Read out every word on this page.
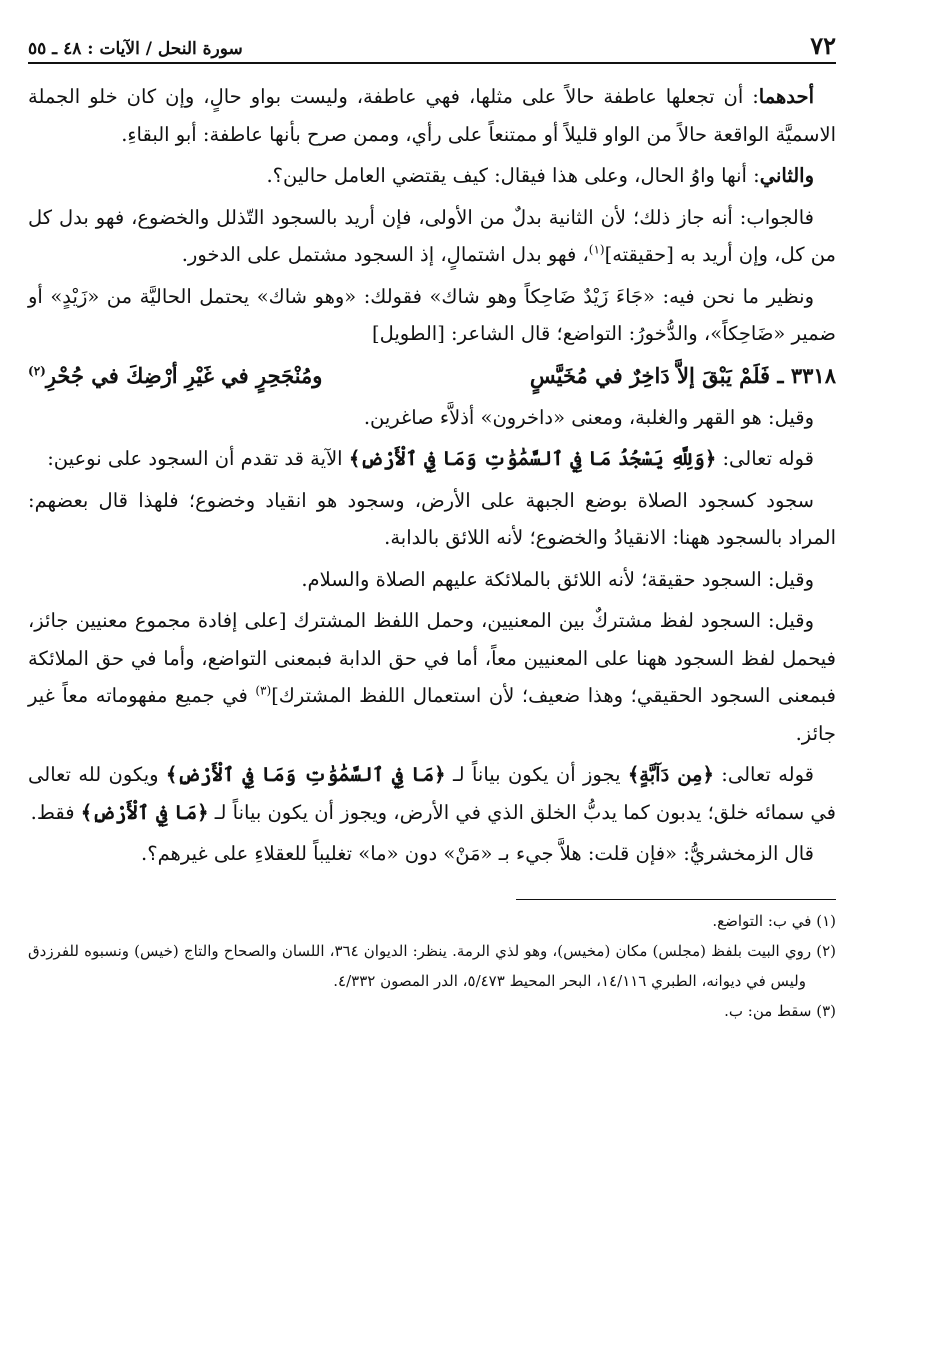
٧٢
سورة النحل / الآيات : ٤٨ ـ ٥٥

أحدهما: أن تجعلها عاطفة حالاً على مثلها، فهي عاطفة، وليست بواو حالٍ، وإن كان خلو الجملة الاسميَّة الواقعة حالاً من الواو قليلاً أو ممتنعاً على رأي، وممن صرح بأنها عاطفة: أبو البقاءِ.

والثاني: أنها واوُ الحال، وعلى هذا فيقال: كيف يقتضي العامل حالين؟.

فالجواب: أنه جاز ذلك؛ لأن الثانية بدلٌ من الأولى، فإن أريد بالسجود التّذلل والخضوع، فهو بدل كل من كل، وإن أريد به [حقيقته]$^{(١)}$، فهو بدل اشتمالٍ، إذ السجود مشتمل على الدخور.

ونظير ما نحن فيه: «جَاءَ زَيْدٌ ضَاحِكاً وهو شاك» فقولك: «وهو شاك» يحتمل الحاليَّة من «زَيْدٍ» أو ضمير «ضَاحِكاً»، والدُّخورُ: التواضع؛ قال الشاعر: [الطويل]

٣٣١٨ ـ فَلَمْ يَبْقَ إلاَّ دَاخِرٌ في مُخَيَّسٍ
ومُنْجَحِرٍ في غَيْرِ أرْضِكَ في جُحْرِ$^{(٢)}$

وقيل: هو القهر والغلبة، ومعنى «داخرون» أذلاَّء صاغرين.

قوله تعالى: ﴿وَلِلَّهِ يَسْجُدُ مَا فِي ٱلسَّمَٰوَٰتِ وَمَا فِي ٱلْأَرْضِ﴾ الآية قد تقدم أن السجود على نوعين:

سجود كسجود الصلاة بوضع الجبهة على الأرض، وسجود هو انقياد وخضوع؛ فلهذا قال بعضهم: المراد بالسجود ههنا: الانقيادُ والخضوع؛ لأنه اللائق بالدابة.

وقيل: السجود حقيقة؛ لأنه اللائق بالملائكة عليهم الصلاة والسلام.

وقيل: السجود لفظ مشتركٌ بين المعنيين، وحمل اللفظ المشترك [على إفادة مجموع معنيين جائز، فيحمل لفظ السجود ههنا على المعنيين معاً، أما في حق الدابة فبمعنى التواضع، وأما في حق الملائكة فبمعنى السجود الحقيقي؛ وهذا ضعيف؛ لأن استعمال اللفظ المشترك]$^{(٣)}$ في جميع مفهوماته معاً غير جائز.

قوله تعالى: ﴿مِن دَآبَّةٍ﴾ يجوز أن يكون بياناً لـ ﴿مَا فِي ٱلسَّمَٰوَٰتِ وَمَا فِي ٱلْأَرْضِ﴾ ويكون لله تعالى في سمائه خلق؛ يدبون كما يدبُّ الخلق الذي في الأرض، ويجوز أن يكون بياناً لـ ﴿مَا فِي ٱلْأَرْضِ﴾ فقط.

قال الزمخشريُّ: «فإن قلت: هلاَّ جيء بـ «مَنْ» دون «ما» تغليباً للعقلاءِ على غيرهم؟.

(١) في ب: التواضع.

(٢) روي البيت بلفظ (مجلس) مكان (مخيس)، وهو لذي الرمة. ينظر: الديوان ٣٦٤، اللسان والصحاح والتاج (خيس) ونسبوه للفرزدق وليس في ديوانه، الطبري ١٤/١١٦، البحر المحيط ٥/٤٧٣، الدر المصون ٤/٣٣٢.

(٣) سقط من: ب.
